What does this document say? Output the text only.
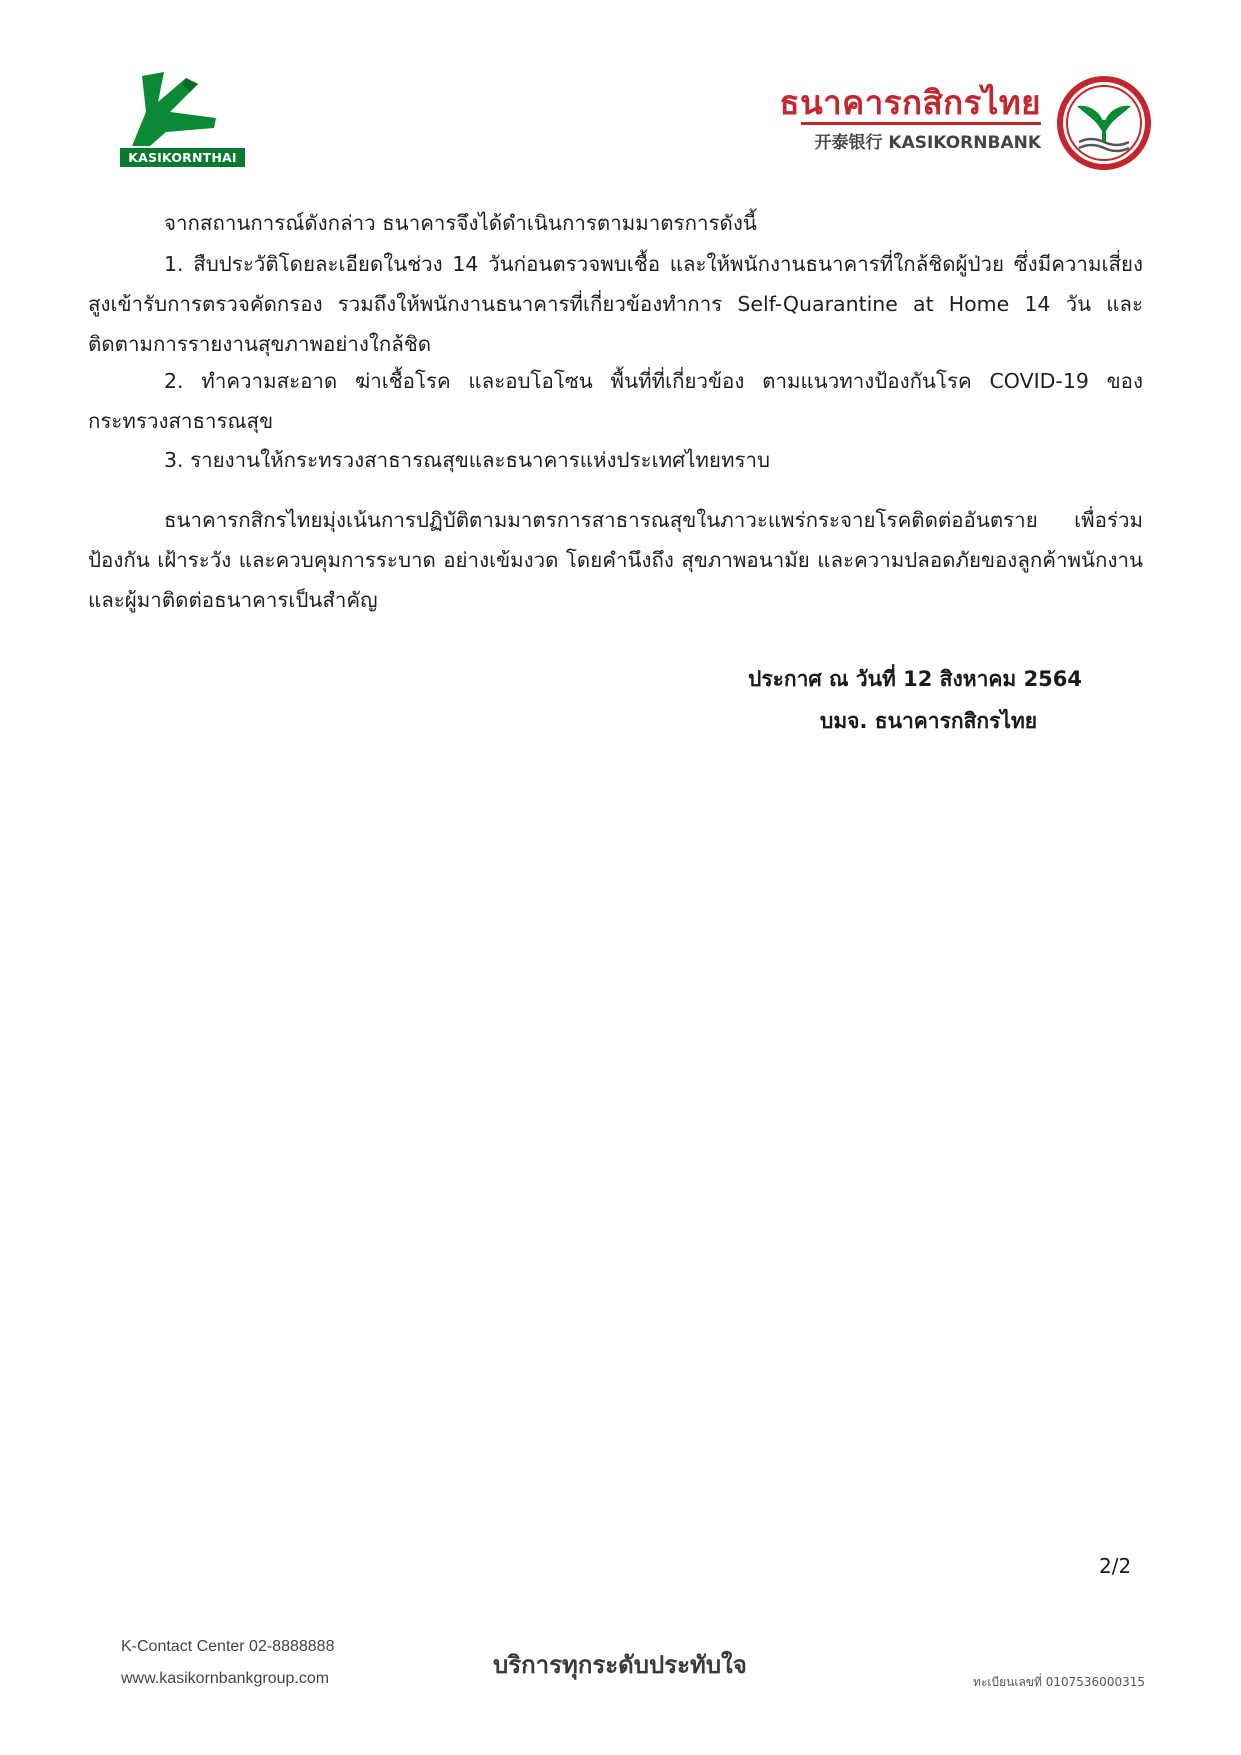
KASIKORNTHAI
ธนาคารกสิกรไทย
开泰银行 KASIKORNBANK
จากสถานการณ์ดังกล่าว ธนาคารจึงได้ดำเนินการตามมาตรการดังนี้
1. สืบประวัติโดยละเอียดในช่วง 14 วันก่อนตรวจพบเชื้อ และให้พนักงานธนาคารที่ใกล้ชิดผู้ป่วย ซึ่งมีความเสี่ยงสูงเข้ารับการตรวจคัดกรอง รวมถึงให้พนักงานธนาคารที่เกี่ยวข้องทำการ Self-Quarantine at Home 14 วัน และติดตามการรายงานสุขภาพอย่างใกล้ชิด
2. ทำความสะอาด ฆ่าเชื้อโรค และอบโอโซน พื้นที่ที่เกี่ยวข้อง ตามแนวทางป้องกันโรค COVID-19 ของกระทรวงสาธารณสุข
3. รายงานให้กระทรวงสาธารณสุขและธนาคารแห่งประเทศไทยทราบ
ธนาคารกสิกรไทยมุ่งเน้นการปฏิบัติตามมาตรการสาธารณสุขในภาวะแพร่กระจายโรคติดต่ออันตราย เพื่อร่วมป้องกัน เฝ้าระวัง และควบคุมการระบาด อย่างเข้มงวด โดยคำนึงถึง สุขภาพอนามัย และความปลอดภัยของลูกค้าพนักงานและผู้มาติดต่อธนาคารเป็นสำคัญ
ประกาศ ณ วันที่ 12 สิงหาคม 2564
บมจ. ธนาคารกสิกรไทย
2/2
K-Contact Center 02-8888888
www.kasikornbankgroup.com	บริการทุกระดับประทับใจ
ทะเบียนเลขที่ 0107536000315
